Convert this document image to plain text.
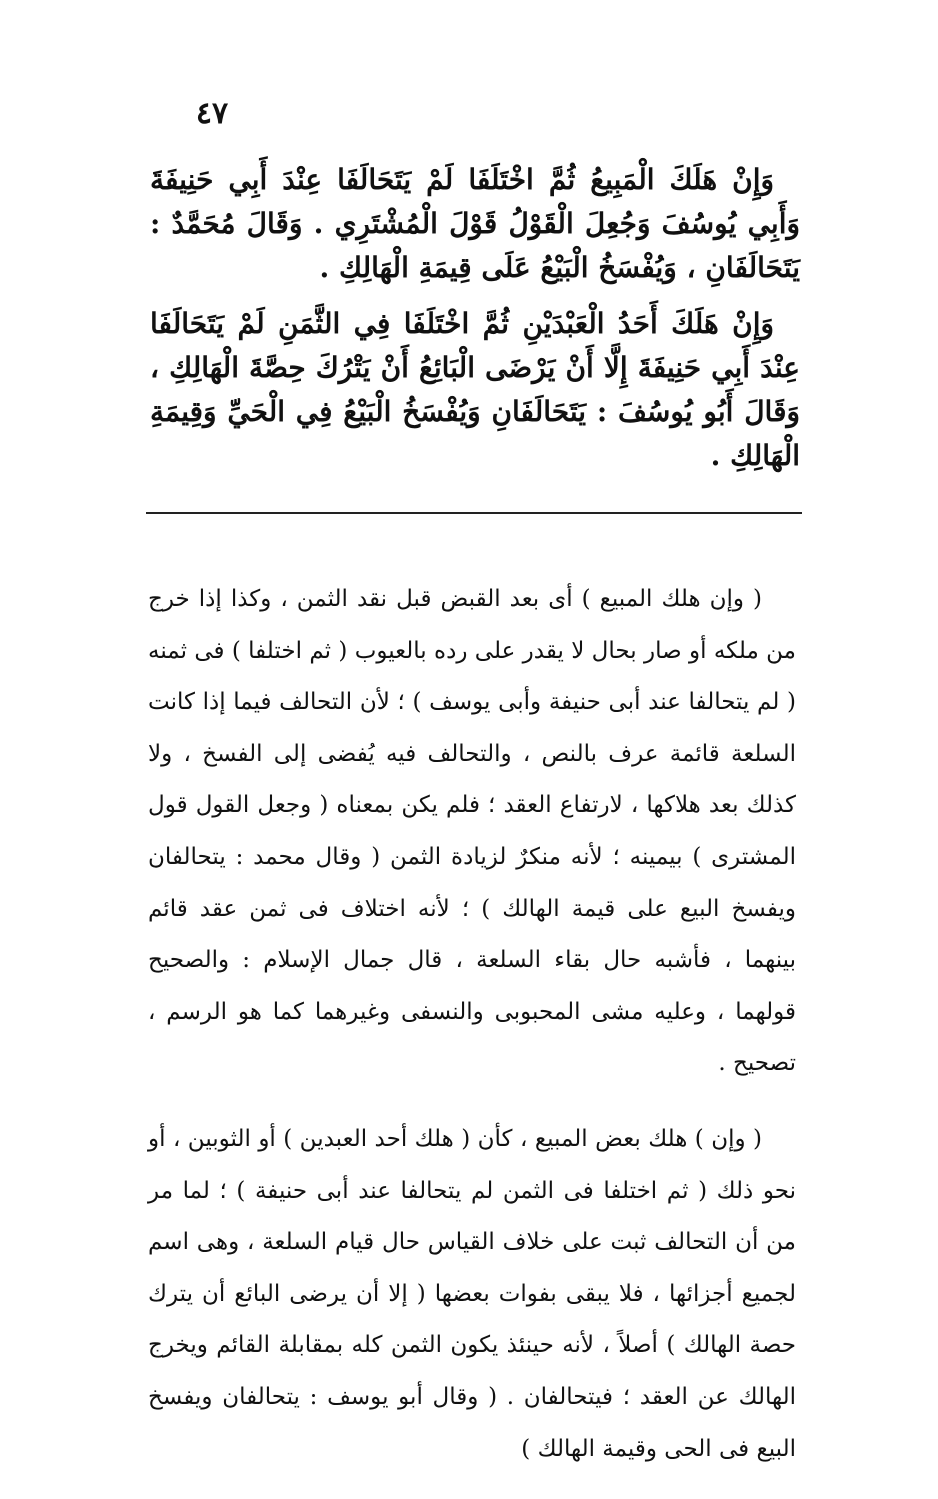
٤٧

وَإِنْ هَلَكَ الْمَبِيعُ ثُمَّ اخْتَلَفَا لَمْ يَتَحَالَفَا عِنْدَ أَبِي حَنِيفَةَ وَأَبِي يُوسُفَ وَجُعِلَ الْقَوْلُ قَوْلَ الْمُشْتَرِي . وَقَالَ مُحَمَّدٌ : يَتَحَالَفَانِ ، وَيُفْسَخُ الْبَيْعُ عَلَى قِيمَةِ الْهَالِكِ .

وَإِنْ هَلَكَ أَحَدُ الْعَبْدَيْنِ ثُمَّ اخْتَلَفَا فِي الثَّمَنِ لَمْ يَتَحَالَفَا عِنْدَ أَبِي حَنِيفَةَ إِلَّا أَنْ يَرْضَى الْبَائِعُ أَنْ يَتْرُكَ حِصَّةَ الْهَالِكِ ، وَقَالَ أَبُو يُوسُفَ : يَتَحَالَفَانِ وَيُفْسَخُ الْبَيْعُ فِي الْحَيِّ وَقِيمَةِ الْهَالِكِ .

( وإن هلك المبيع ) أى بعد القبض قبل نقد الثمن ، وكذا إذا خرج من ملكه أو صار بحال لا يقدر على رده بالعيوب ( ثم اختلفا ) فى ثمنه ( لم يتحالفا عند أبى حنيفة وأبى يوسف ) ؛ لأن التحالف فيما إذا كانت السلعة قائمة عرف بالنص ، والتحالف فيه يُفضى إلى الفسخ ، ولا كذلك بعد هلاكها ، لارتفاع العقد ؛ فلم يكن بمعناه ( وجعل القول قول المشترى ) بيمينه ؛ لأنه منكرٌ لزيادة الثمن ( وقال محمد : يتحالفان ويفسخ البيع على قيمة الهالك ) ؛ لأنه اختلاف فى ثمن عقد قائم بينهما ، فأشبه حال بقاء السلعة ، قال جمال الإسلام : والصحيح قولهما ، وعليه مشى المحبوبى والنسفى وغيرهما كما هو الرسم ، تصحيح .

( وإن ) هلك بعض المبيع ، كأن ( هلك أحد العبدين ) أو الثوبين ، أو نحو ذلك ( ثم اختلفا فى الثمن لم يتحالفا عند أبى حنيفة ) ؛ لما مر من أن التحالف ثبت على خلاف القياس حال قيام السلعة ، وهى اسم لجميع أجزائها ، فلا يبقى بفوات بعضها ( إلا أن يرضى البائع أن يترك حصة الهالك ) أصلاً ، لأنه حينئذ يكون الثمن كله بمقابلة القائم ويخرج الهالك عن العقد ؛ فيتحالفان . ( وقال أبو يوسف : يتحالفان ويفسخ البيع فى الحى وقيمة الهالك )
